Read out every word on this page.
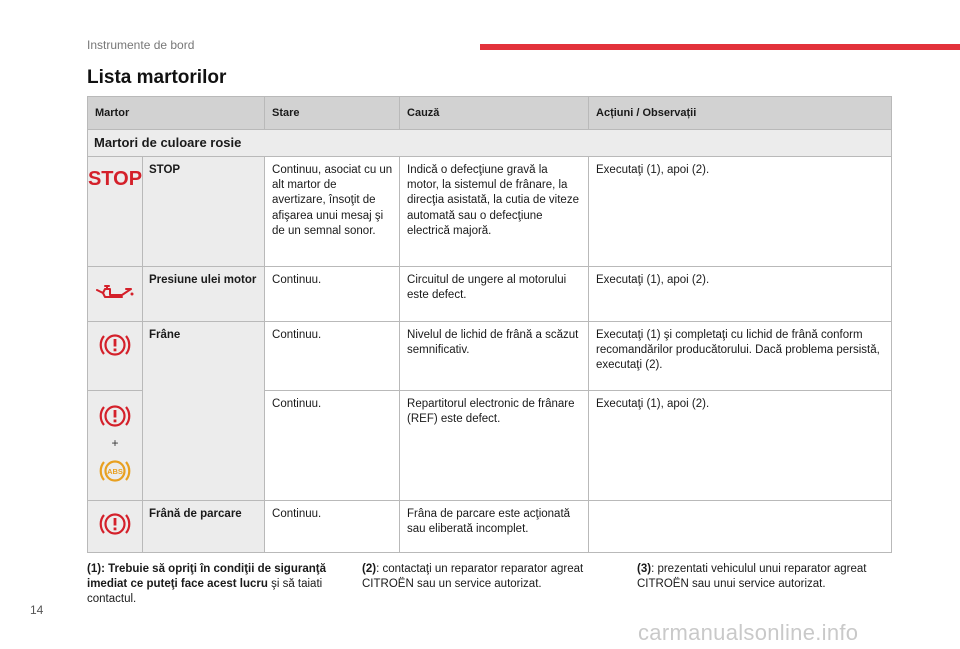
Instrumente de bord
Lista martorilor
Martor		Stare	Cauză	Acțiuni / Observații
Martori de culoare rosie				

STOP	STOP	Continuu, asociat cu un alt martor de avertizare, însoţit de afişarea unui mesaj şi de un semnal sonor.	Indică o defecţiune gravă la motor, la sistemul de frânare, la direcţia asistată, la cutia de viteze automată sau o defecţiune electrică majoră.	Executaţi (1), apoi (2).
	Presiune ulei motor	Continuu.	Circuitul de ungere al motorului este defect.	Executaţi (1), apoi (2).
	Frâne	Continuu.	Nivelul de lichid de frână a scăzut semnificativ.	Executaţi (1) şi completaţi cu lichid de frână conform recomandărilor producătorului. Dacă problema persistă, executaţi (2).

+
ABS		Continuu.	Repartitorul electronic de frânare (REF) este defect.	Executaţi (1), apoi (2).
	Frână de parcare	Continuu.	Frâna de parcare este acţionată sau eliberată incomplet.	
(1): Trebuie să opriţi în condiţii de siguranţă imediat ce puteţi face acest lucru şi să taiati contactul.
(2): contactaţi un reparator reparator agreat CITROËN sau un service autorizat.
(3): prezentati vehiculul unui reparator agreat CITROËN sau unui service autorizat.
14
carmanualsonline.info
